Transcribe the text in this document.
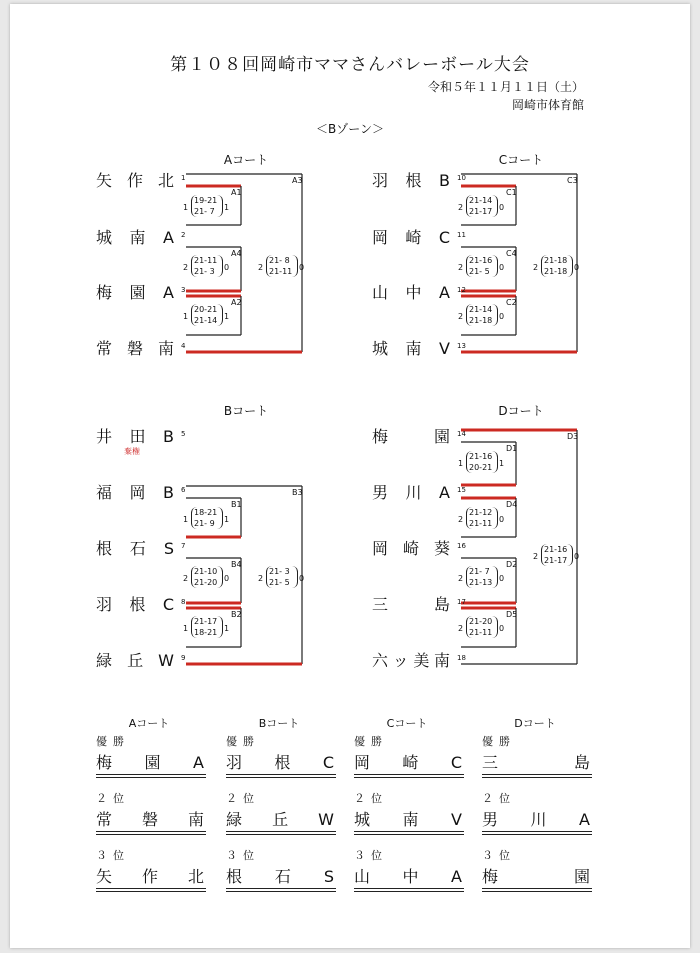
第１０８回岡崎市ママさんバレーボール大会
令和５年１１月１１日（土）
岡崎市体育館
＜Bゾーン＞
Aコート
矢作北 1
城南A 2
梅園A 3
常磐南 4
A1
A4
A2
A3
1
19-21
21- 7 1
2
21-11
21- 3 0
1
20-21
21-14 1
2
21- 8
21-11 0
Cコート
羽根B 10
岡崎C 11
山中A 12
城南V 13
C1
C4
C2
C3
2
21-14
21-17 0
2
21-16
21- 5 0
2
21-14
21-18 0
2
21-18
21-18 0
Bコート
井田B 5
福岡B 6
根石S 7
羽根C 8
緑丘W 9
棄権
B1
B4
B2
B3
1
18-21
21- 9 1
2
21-10
21-20 0
1
21-17
18-21 1
2
21- 3
21- 5 0
Dコート
梅園 14
男川A 15
岡崎葵 16
三島 17
六ッ美南 18
D1
D4
D2
D5
D3
1
21-16
20-21 1
2
21-12
21-11 0
2
21- 7
21-13 0
2
21-20
21-11 0
2
21-16
21-17 0
Aコート
優勝
梅園A
２位
常磐南
３位
矢作北
Bコート
優勝
羽根C
２位
緑丘W
３位
根石S
Cコート
優勝
岡崎C
２位
城南V
３位
山中A
Dコート
優勝
三島
２位
男川A
３位
梅園
